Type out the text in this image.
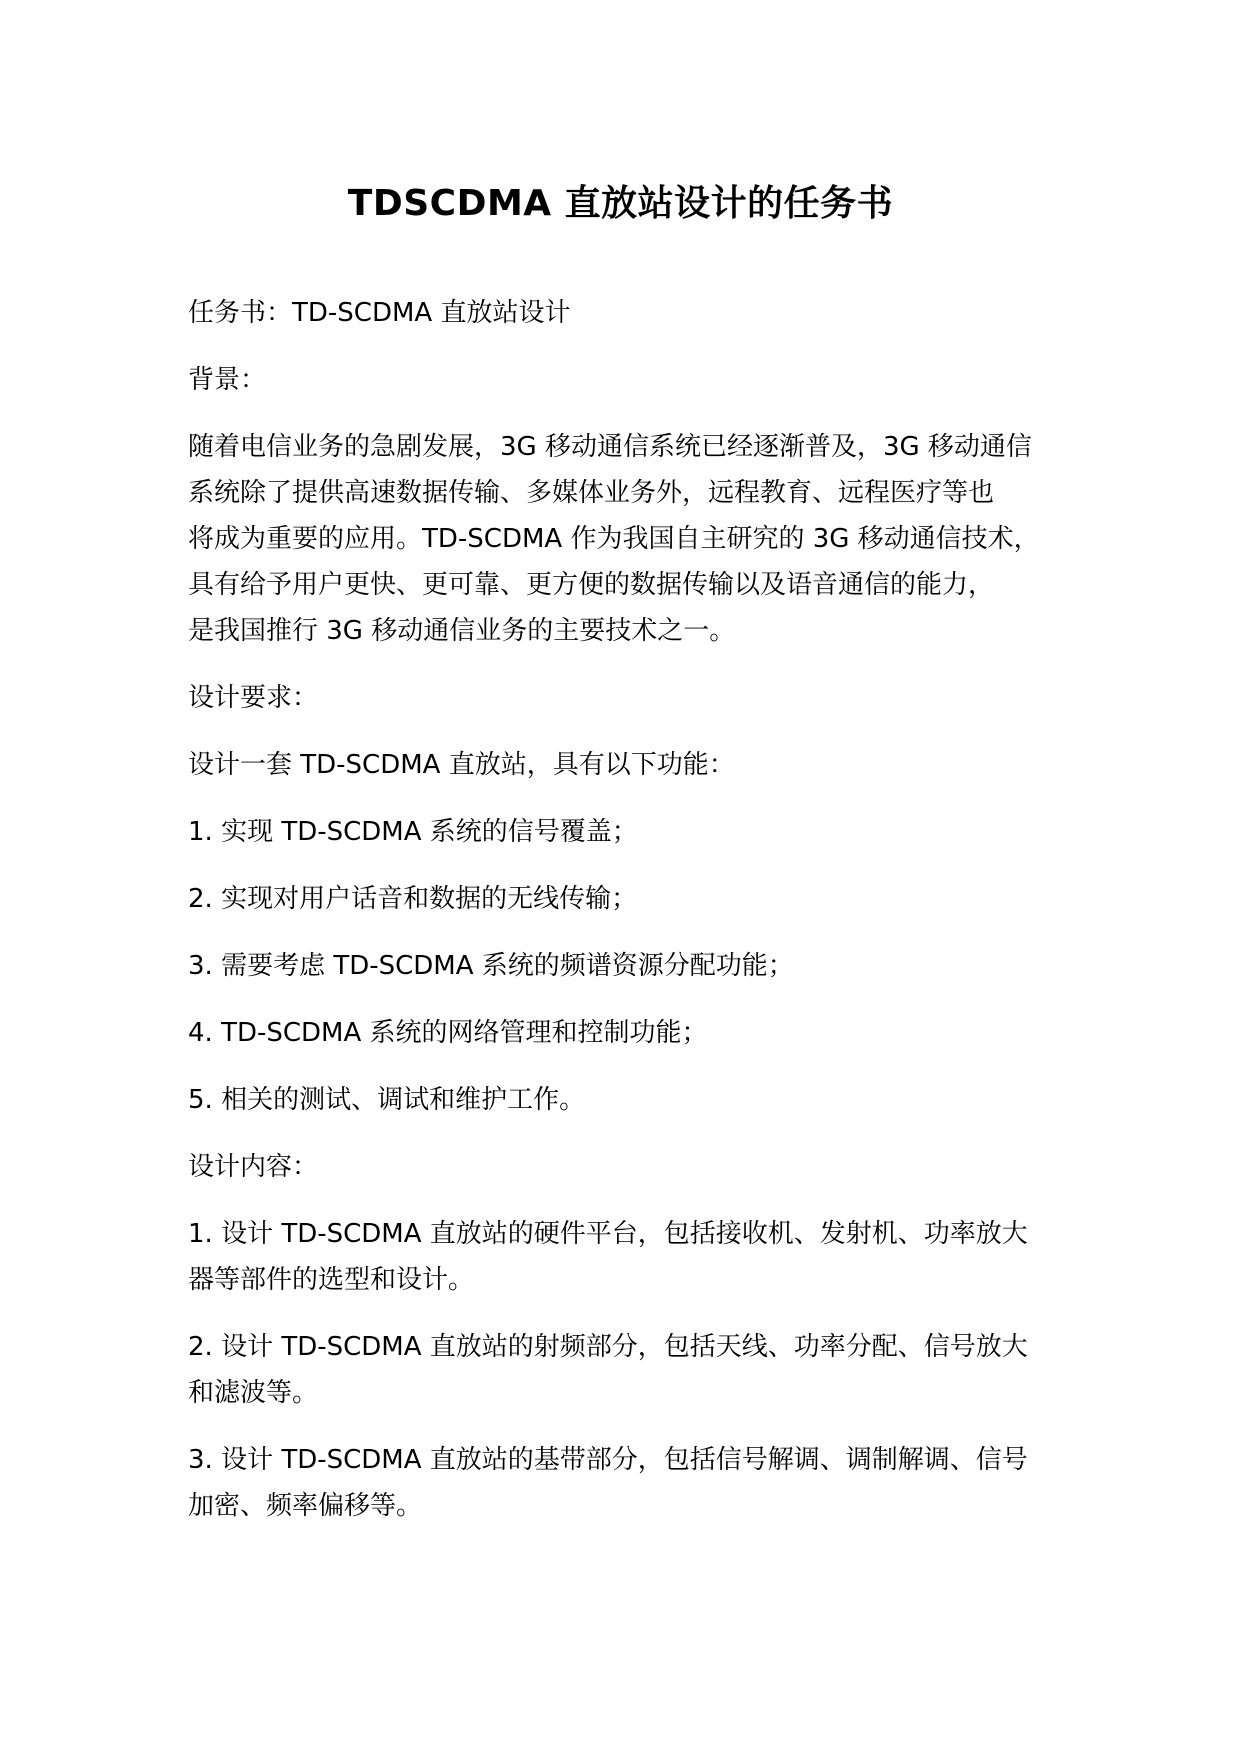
TDSCDMA 直放站设计的任务书

任务书：TD-SCDMA 直放站设计

背景：

随着电信业务的急剧发展，3G 移动通信系统已经逐渐普及，3G 移动通信
系统除了提供高速数据传输、多媒体业务外，远程教育、远程医疗等也
将成为重要的应用。TD-SCDMA 作为我国自主研究的 3G 移动通信技术，
具有给予用户更快、更可靠、更方便的数据传输以及语音通信的能力，
是我国推行 3G 移动通信业务的主要技术之一。

设计要求：

设计一套 TD-SCDMA 直放站，具有以下功能：

1. 实现 TD-SCDMA 系统的信号覆盖；

2. 实现对用户话音和数据的无线传输；

3. 需要考虑 TD-SCDMA 系统的频谱资源分配功能；

4. TD-SCDMA 系统的网络管理和控制功能；

5. 相关的测试、调试和维护工作。

设计内容：

1. 设计 TD-SCDMA 直放站的硬件平台，包括接收机、发射机、功率放大
器等部件的选型和设计。

2. 设计 TD-SCDMA 直放站的射频部分，包括天线、功率分配、信号放大
和滤波等。

3. 设计 TD-SCDMA 直放站的基带部分，包括信号解调、调制解调、信号
加密、频率偏移等。
